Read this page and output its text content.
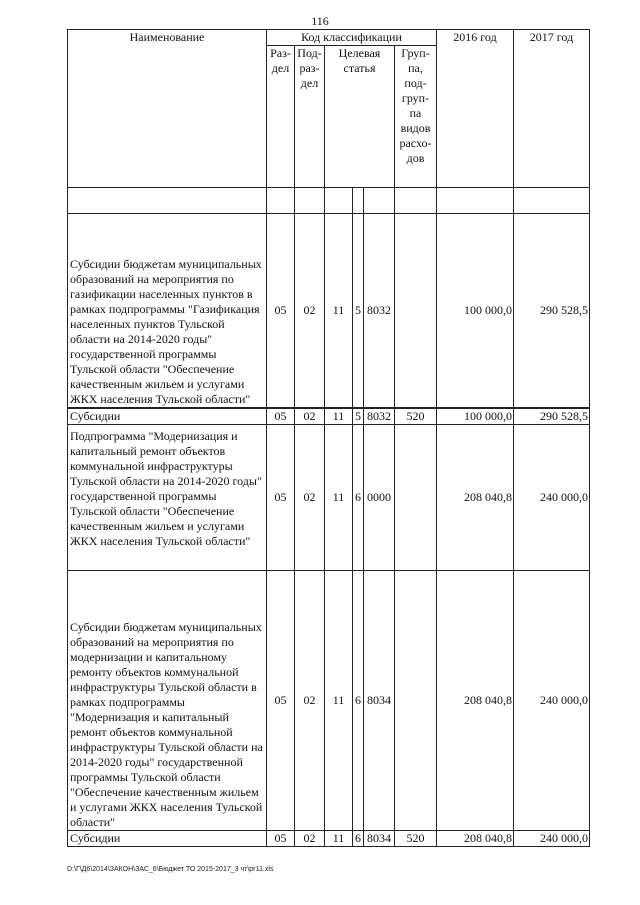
116
Наименование	Код классификации						2016 год	2017 год
	Раз-дел	Под-раз-дел	Целевая статья			Груп-па, под-груп-па видов расхо-дов		

Субсидии бюджетам муниципальных образований на мероприятия по газификации населенных пунктов в рамках подпрограммы "Газификация населенных пунктов Тульской области на 2014-2020 годы" государственной программы Тульской области "Обеспечение качественным жильем и услугами ЖКХ населения Тульской области"	05	02	11	5	8032		100 000,0	290 528,5
Субсидии	05	02	11	5	8032	520	100 000,0	290 528,5
Подпрограмма "Модернизация и капитальный ремонт объектов коммунальной инфраструктуры Тульской области на 2014-2020 годы" государственной программы Тульской области "Обеспечение качественным жильем и услугами ЖКХ населения Тульской области"	05	02	11	6	0000		208 040,8	240 000,0
Субсидии бюджетам муниципальных образований на мероприятия по модернизации и капитальному ремонту объектов коммунальной инфраструктуры Тульской области в рамках подпрограммы "Модернизация и капитальный ремонт объектов коммунальной инфраструктуры Тульской области на 2014-2020 годы" государственной программы Тульской области "Обеспечение качественным жильем и услугами ЖКХ населения Тульской области"	05	02	11	6	8034		208 040,8	240 000,0
Субсидии	05	02	11	6	8034	520	208 040,8	240 000,0
D:\Г\Д6\2014\ЗАКОН\ЗАС_6\Бюджет ТО 2015-2017_3 чт\рг11.xls
